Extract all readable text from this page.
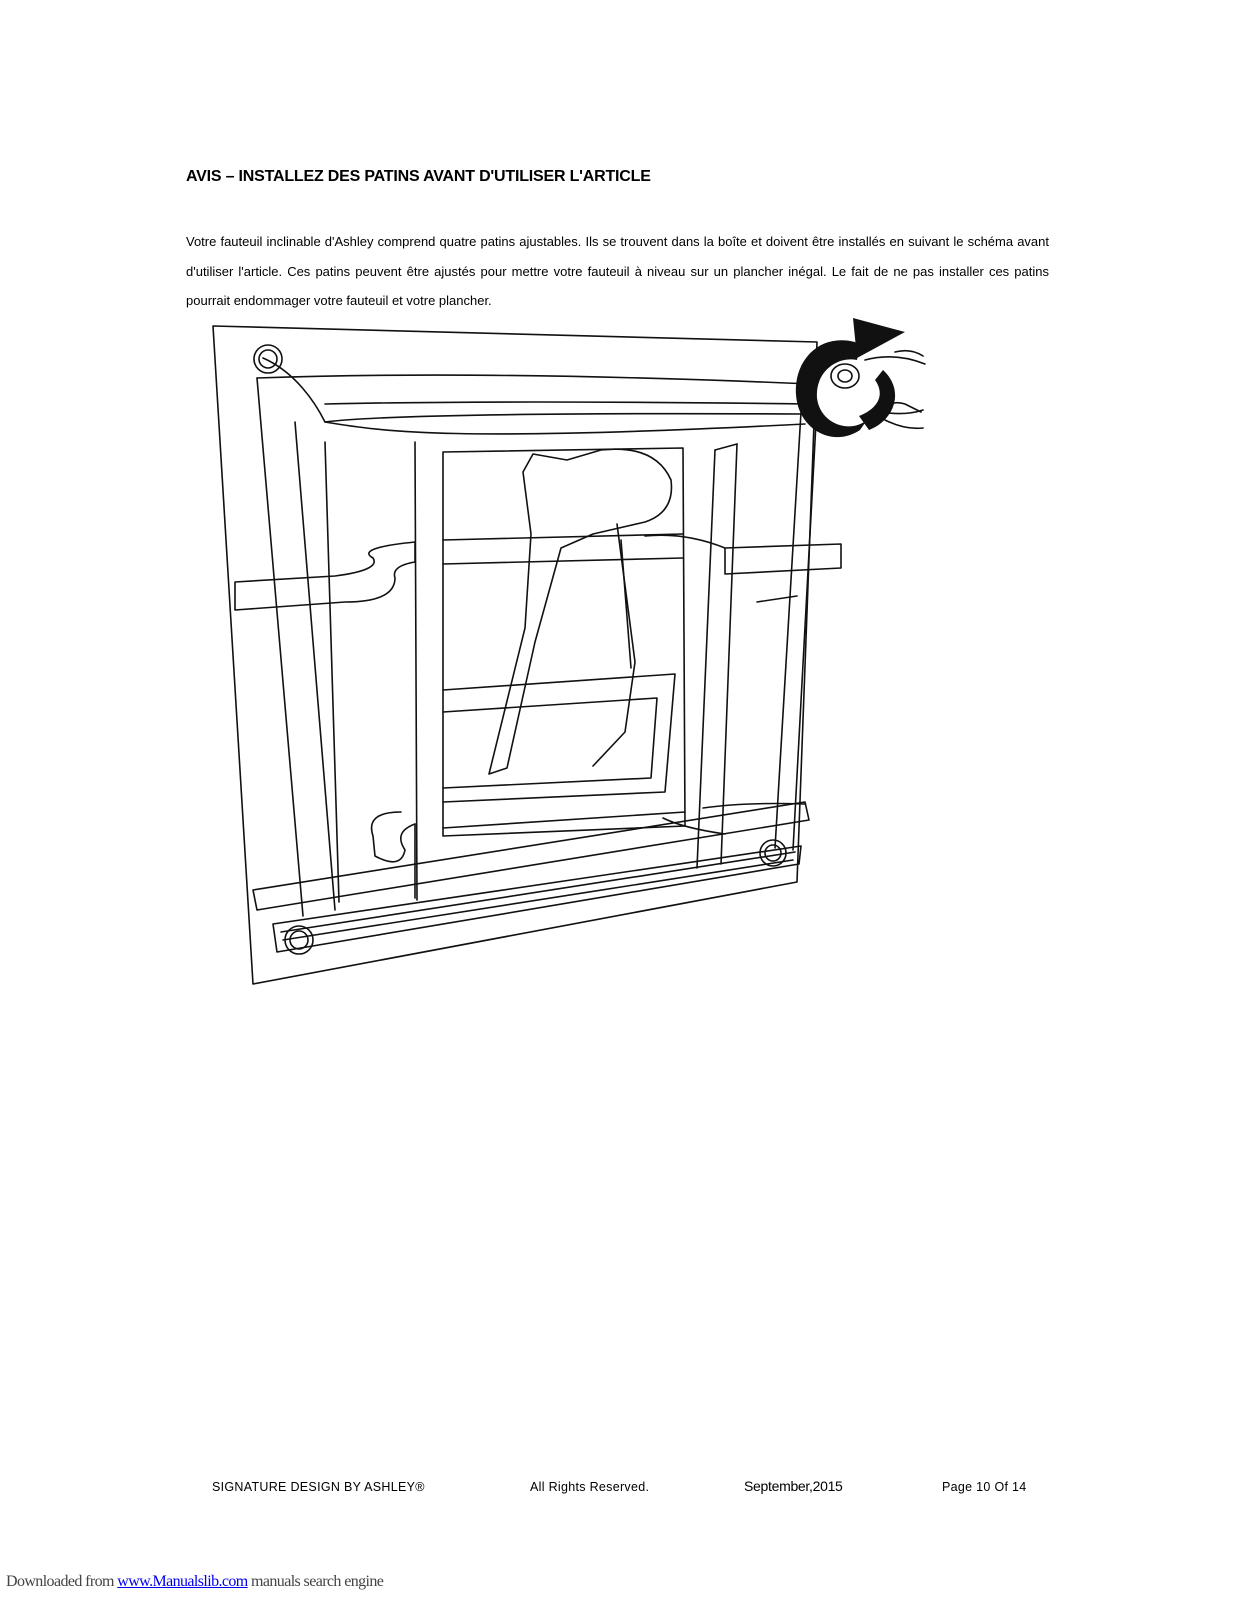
AVIS – INSTALLEZ DES PATINS AVANT D'UTILISER L'ARTICLE
Votre fauteuil inclinable d'Ashley comprend quatre patins ajustables. Ils se trouvent dans la boîte et doivent être installés en suivant le schéma avant d'utiliser l'article. Ces patins peuvent être ajustés pour mettre votre fauteuil à niveau sur un plancher inégal. Le fait de ne pas installer ces patins pourrait endommager votre fauteuil et votre plancher.
SIGNATURE DESIGN BY ASHLEY®	All Rights Reserved.	September,2015	Page 10 Of 14
Downloaded from www.Manualslib.com manuals search engine
